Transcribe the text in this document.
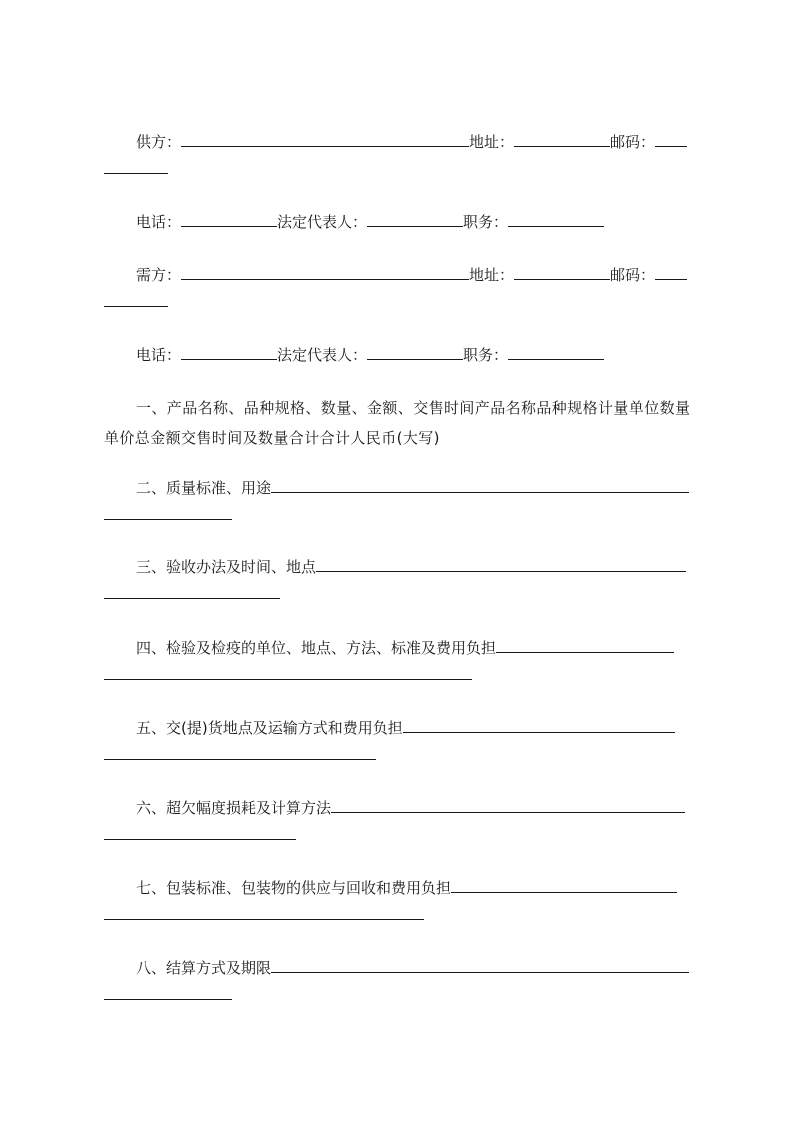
供方：	地址：	邮码：
电话：	法定代表人：	职务：
需方：	地址：	邮码：
电话：	法定代表人：	职务：
一、产品名称、品种规格、数量、金额、交售时间产品名称品种规格计量单位数量单价总金额交售时间及数量合计合计人民币(大写)
二、质量标准、用途
三、验收办法及时间、地点
四、检验及检疫的单位、地点、方法、标准及费用负担
五、交(提)货地点及运输方式和费用负担
六、超欠幅度损耗及计算方法
七、包装标准、包装物的供应与回收和费用负担
八、结算方式及期限
